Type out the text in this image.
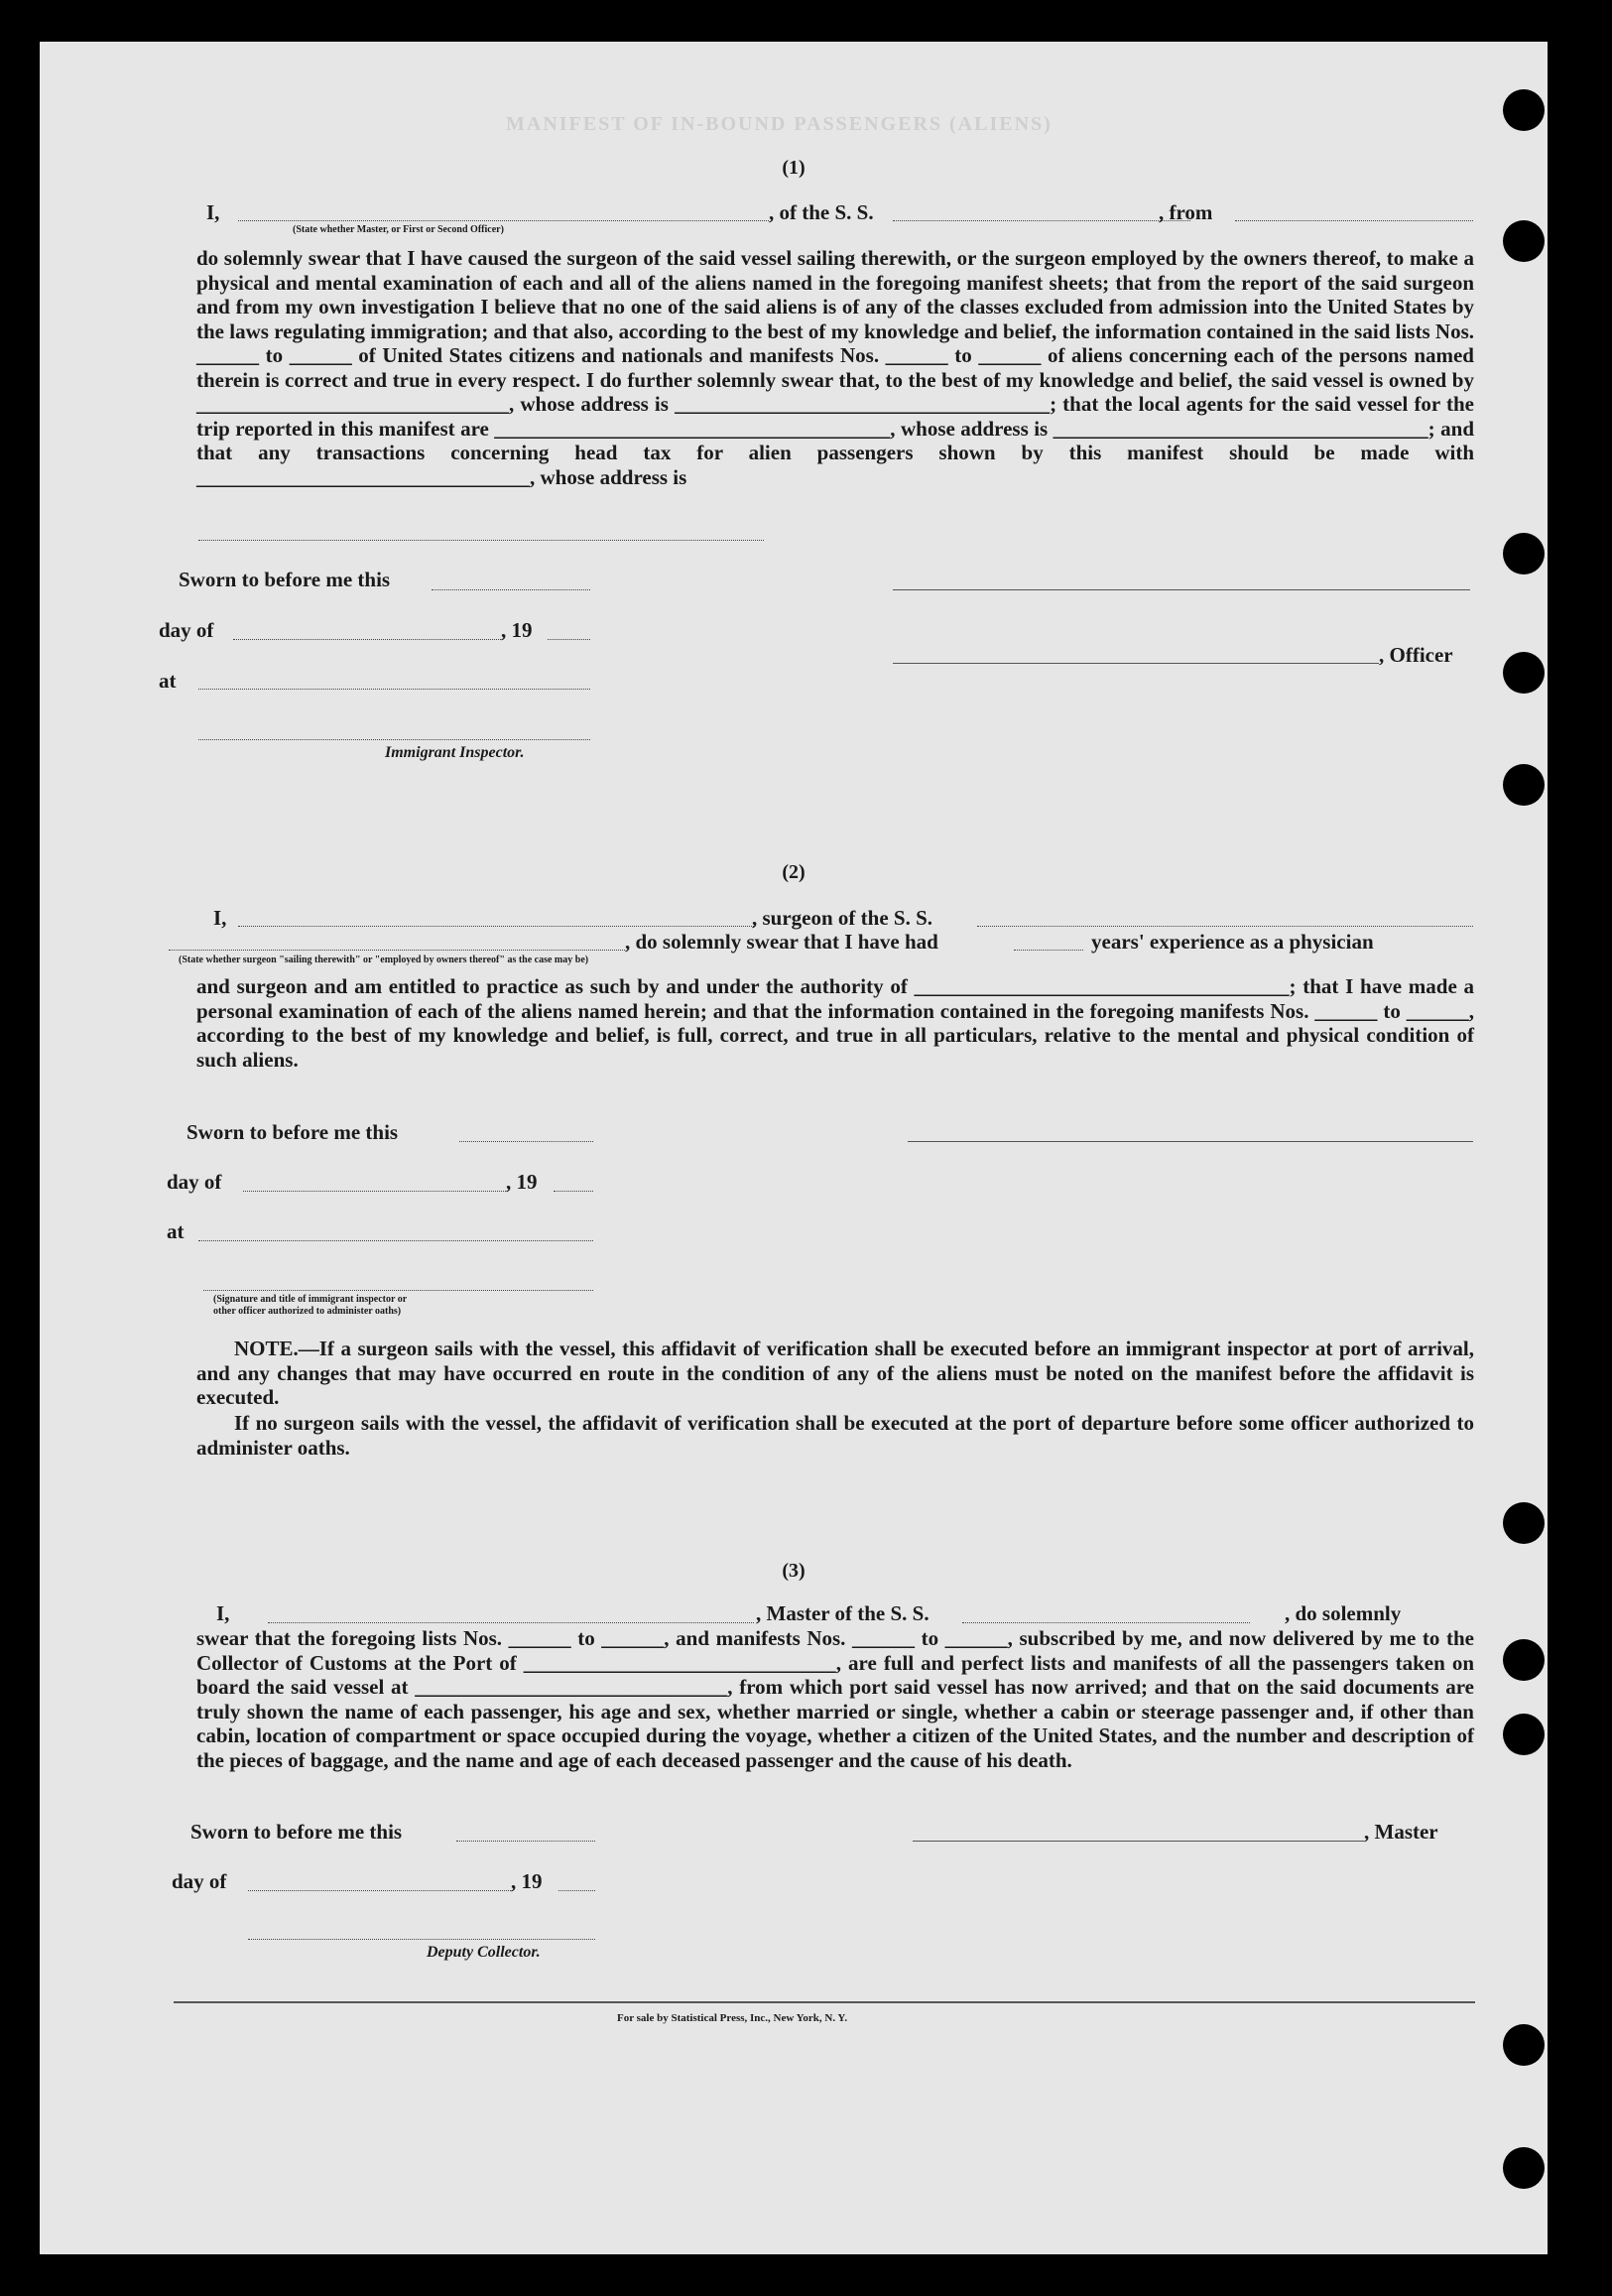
MANIFEST OF IN-BOUND PASSENGERS (ALIENS)
(1)
I,	, of the S. S.	, from
(State whether Master, or First or Second Officer)
do solemnly swear that I have caused the surgeon of the said vessel sailing therewith, or the surgeon employed by the owners thereof, to make a physical and mental examination of each and all of the aliens named in the foregoing manifest sheets; that from the report of the said surgeon and from my own investigation I believe that no one of the said aliens is of any of the classes excluded from admission into the United States by the laws regulating immigration; and that also, according to the best of my knowledge and belief, the information contained in the said lists Nos. ______ to ______ of United States citizens and nationals and manifests Nos. ______ to ______ of aliens concerning each of the persons named therein is correct and true in every respect. I do further solemnly swear that, to the best of my knowledge and belief, the said vessel is owned by ______________________________, whose address is ____________________________________; that the local agents for the said vessel for the trip reported in this manifest are ______________________________________, whose address is ____________________________________; and that any transactions concerning head tax for alien passengers shown by this manifest should be made with ________________________________, whose address is
Sworn to before me this
day of	, 19
, Officer
at
Immigrant Inspector.
(2)
I,	, surgeon of the S. S.
, do solemnly swear that I have had	years' experience as a physician
(State whether surgeon "sailing therewith" or "employed by owners thereof" as the case may be)
and surgeon and am entitled to practice as such by and under the authority of ____________________________________; that I have made a personal examination of each of the aliens named herein; and that the information contained in the foregoing manifests Nos. ______ to ______, according to the best of my knowledge and belief, is full, correct, and true in all particulars, relative to the mental and physical condition of such aliens.
Sworn to before me this
day of	, 19
at
(Signature and title of immigrant inspector or
other officer authorized to administer oaths)
NOTE.—If a surgeon sails with the vessel, this affidavit of verification shall be executed before an immigrant inspector at port of arrival, and any changes that may have occurred en route in the condition of any of the aliens must be noted on the manifest before the affidavit is executed.
If no surgeon sails with the vessel, the affidavit of verification shall be executed at the port of departure before some officer authorized to administer oaths.
(3)
I,	, Master of the S. S.	, do solemnly
swear that the foregoing lists Nos. ______ to ______, and manifests Nos. ______ to ______, subscribed by me, and now delivered by me to the Collector of Customs at the Port of ______________________________, are full and perfect lists and manifests of all the passengers taken on board the said vessel at ______________________________, from which port said vessel has now arrived; and that on the said documents are truly shown the name of each passenger, his age and sex, whether married or single, whether a cabin or steerage passenger and, if other than cabin, location of compartment or space occupied during the voyage, whether a citizen of the United States, and the number and description of the pieces of baggage, and the name and age of each deceased passenger and the cause of his death.
Sworn to before me this	, Master
day of	, 19
Deputy Collector.
For sale by Statistical Press, Inc., New York, N. Y.
